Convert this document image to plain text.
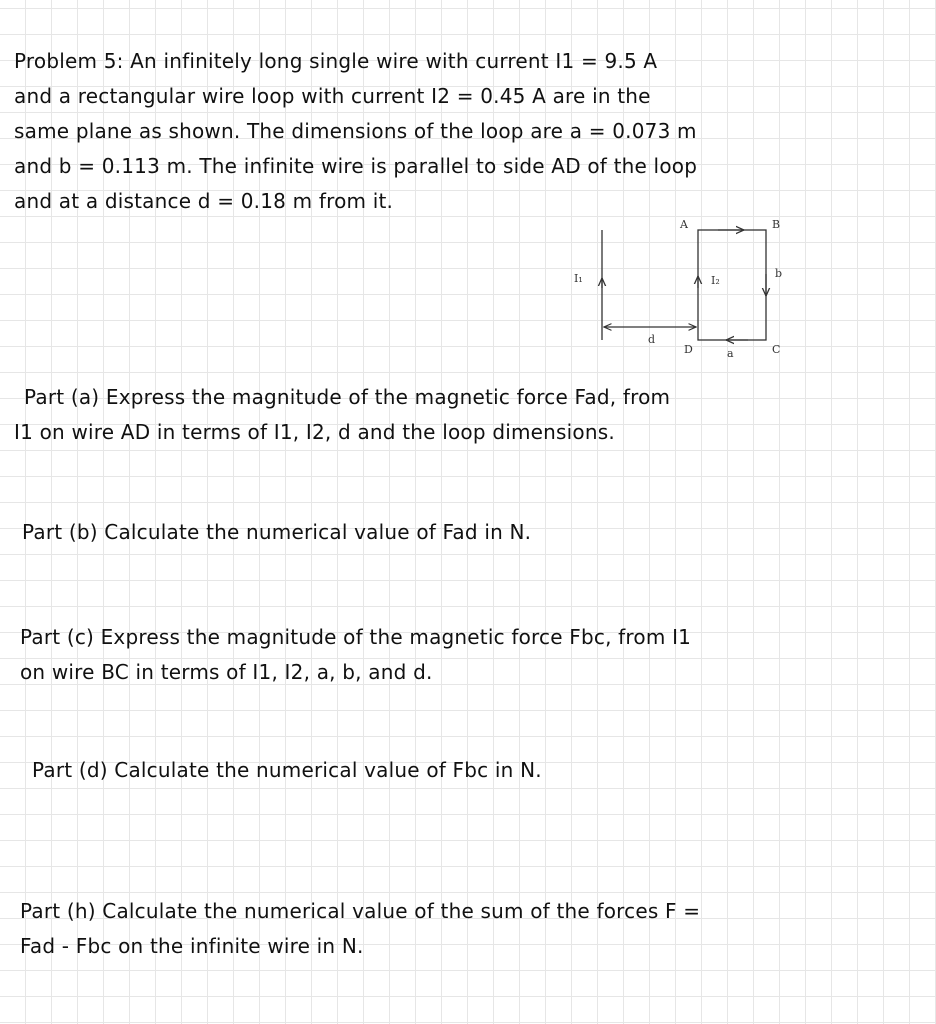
Problem 5: An infinitely long single wire with current I1 = 9.5 A
and a rectangular wire loop with current I2 = 0.45 A are in the
same plane as shown. The dimensions of the loop are a = 0.073 m
and b = 0.113 m. The infinite wire is parallel to side AD of the loop
and at a distance d = 0.18 m from it.
A	B
C
D
I₁	I₂
a
b
d
Part (a) Express the magnitude of the magnetic force Fad, from
I1 on wire AD in terms of I1, I2, d and the loop dimensions.
Part (b) Calculate the numerical value of Fad in N.
Part (c) Express the magnitude of the magnetic force Fbc, from I1
on wire BC in terms of I1, I2, a, b, and d.
Part (d) Calculate the numerical value of Fbc in N.
Part (h) Calculate the numerical value of the sum of the forces F =
Fad - Fbc on the infinite wire in N.
